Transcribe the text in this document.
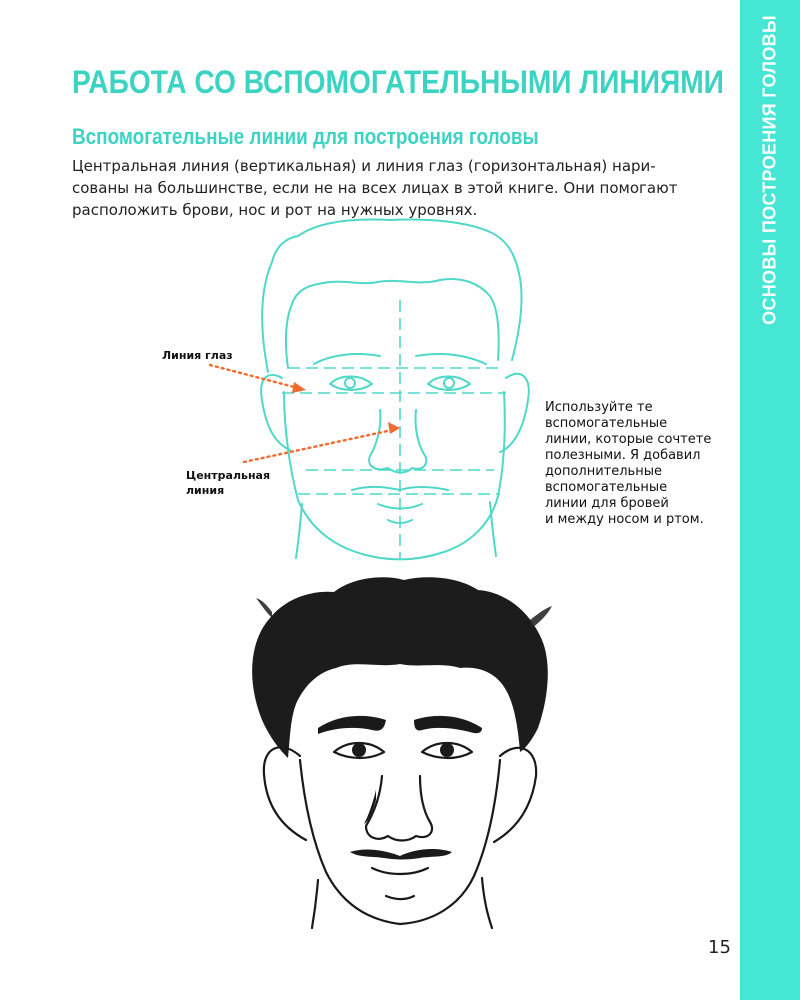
ОСНОВЫ ПОСТРОЕНИЯ ГОЛОВЫ
РАБОТА СО ВСПОМОГАТЕЛЬНЫМИ ЛИНИЯМИ
Вспомогательные линии для построения головы
Центральная линия (вертикальная) и линия глаз (горизонтальная) нари-
сованы на большинстве, если не на всех лицах в этой книге. Они помогают
расположить брови, нос и рот на нужных уровнях.
Линия глаз
Центральная
линия
Используйте те
вспомогательные
линии, которые сочтете
полезными. Я добавил
дополнительные
вспомогательные
линии для бровей
и между носом и ртом.
15
